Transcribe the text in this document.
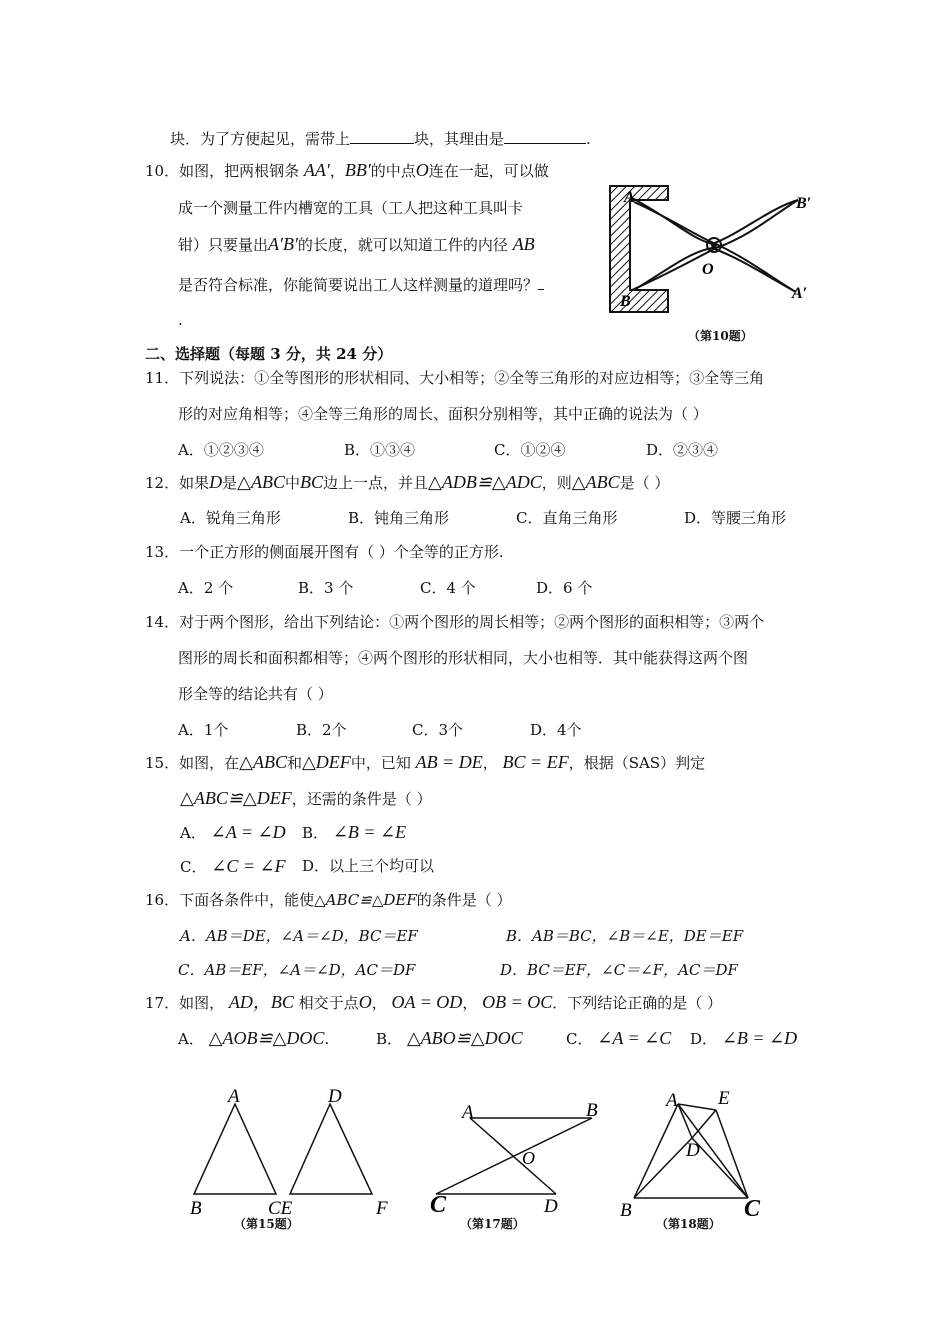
块．为了方便起见，需带上	块，其理由是	.
10．如图，把两根钢条 AA′，BB′的中点O连在一起，可以做
成一个测量工件内槽宽的工具（工人把这种工具叫卡
钳）只要量出A′B′的长度，就可以知道工件的内径 AB
是否符合标准，你能简要说出工人这样测量的道理吗？
.
A
B
B′
A′
O
（第10题）
二、选择题（每题 3 分，共 24 分）
11．下列说法：①全等图形的形状相同、大小相等；②全等三角形的对应边相等；③全等三角
形的对应角相等；④全等三角形的周长、面积分别相等，其中正确的说法为（ ）
A．①②③④	B．①③④	C．①②④	D．②③④
12．如果D是△ABC中BC边上一点，并且△ADB≌△ADC，则△ABC是（ ）
A．锐角三角形	B．钝角三角形	C．直角三角形	D．等腰三角形
13．一个正方形的侧面展开图有（ ）个全等的正方形.
A．2 个	B．3 个	C．4 个	D．6 个
14．对于两个图形，给出下列结论：①两个图形的周长相等；②两个图形的面积相等；③两个
图形的周长和面积都相等；④两个图形的形状相同，大小也相等．其中能获得这两个图
形全等的结论共有（ ）
A．1个	B．2个	C．3个	D．4个
15．如图，在△ABC和△DEF中，已知 AB = DE， BC = EF，根据（SAS）判定
△ABC≌△DEF，还需的条件是（ ）
A． ∠A = ∠D B． ∠B = ∠E
C． ∠C = ∠F D．以上三个均可以
16．下面各条件中，能使△ABC≌△DEF的条件是（ ）
A．AB＝DE，∠A＝∠D，BC＝EF	B．AB＝BC，∠B＝∠E，DE＝EF
C．AB＝EF，∠A＝∠D，AC＝DF	D．BC＝EF，∠C＝∠F，AC＝DF
17．如图， AD，BC 相交于点O， OA = OD， OB = OC．下列结论正确的是（ ）
A． △AOB≌△DOC.	B． △ABO≌△DOC	C． ∠A = ∠C D． ∠B = ∠D
A	D
B	CE	F
（第15题）
A	B
O
C	D
（第17题）
A E
D
B	C
（第18题）
